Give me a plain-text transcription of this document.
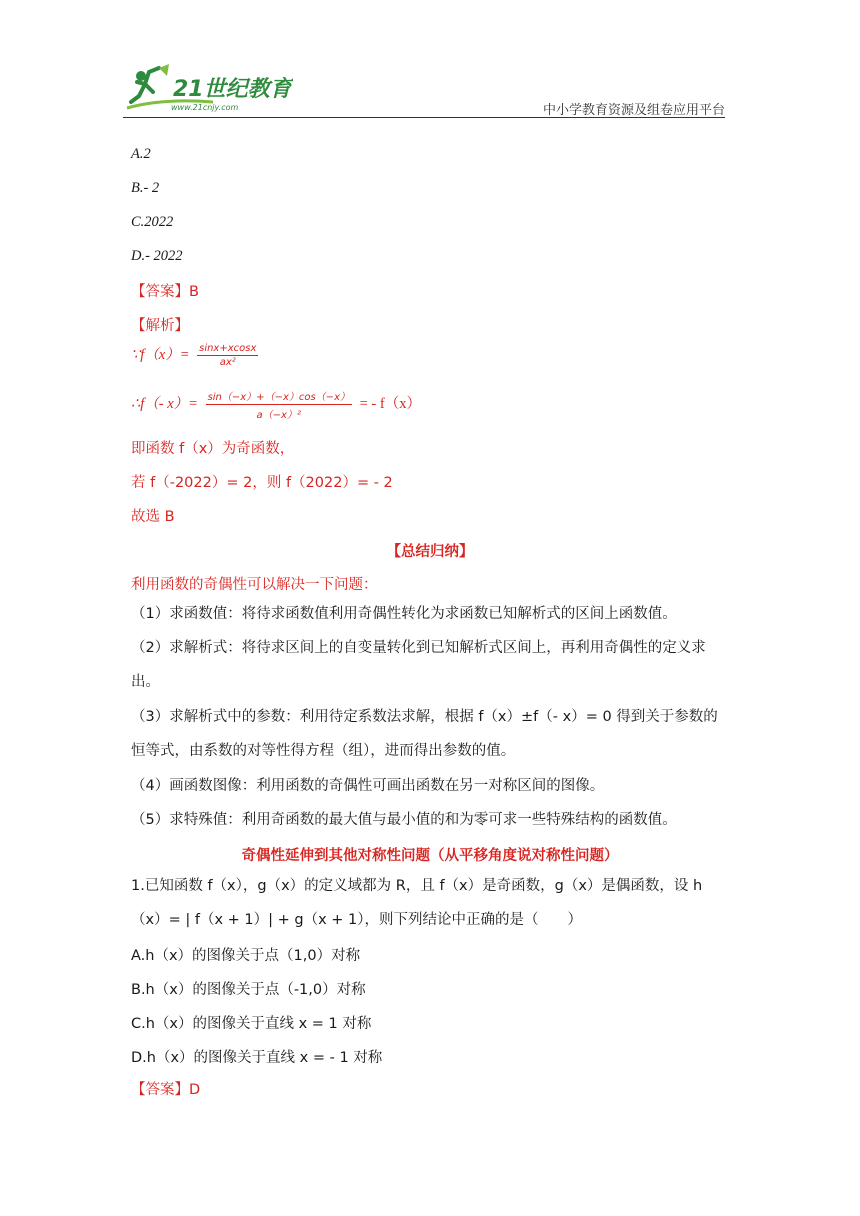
21世纪教育
www.21cnjy.com	中小学教育资源及组卷应用平台
A.2
B.- 2
C.2022
D.- 2022
【答案】B
【解析】
∵f（x）= $\frac{\sin x+xcosx}{\text{ax²}}$
∴f（- $x)= \frac{\sin(-x)+(-x)\cos(-x)}{\text{a（−x）²}}$ = - f（x）
即函数 f（x）为奇函数，
若 f（-2022）= 2，则 f（2022）= - 2
故选 B
【总结归纳】
利用函数的奇偶性可以解决一下问题：
（1）求函数值：将待求函数值利用奇偶性转化为求函数已知解析式的区间上函数值。
（2）求解析式：将待求区间上的自变量转化到已知解析式区间上，再利用奇偶性的定义求出。
（3）求解析式中的参数：利用待定系数法求解，根据 f（x）±f（- x）= 0 得到关于参数的恒等式，由系数的对等性得方程（组），进而得出参数的值。
（4）画函数图像：利用函数的奇偶性可画出函数在另一对称区间的图像。
（5）求特殊值：利用奇函数的最大值与最小值的和为零可求一些特殊结构的函数值。
奇偶性延伸到其他对称性问题（从平移角度说对称性问题）
1.已知函数 f（x），g（x）的定义域都为 R，且 f（x）是奇函数，g（x）是偶函数，设 h（x）= | f（x + 1）| + g（x + 1），则下列结论中正确的是（　　）
A.h（x）的图像关于点（1,0）对称
B.h（x）的图像关于点（-1,0）对称
C.h（x）的图像关于直线 x = 1 对称
D.h（x）的图像关于直线 x = - 1 对称
【答案】D
